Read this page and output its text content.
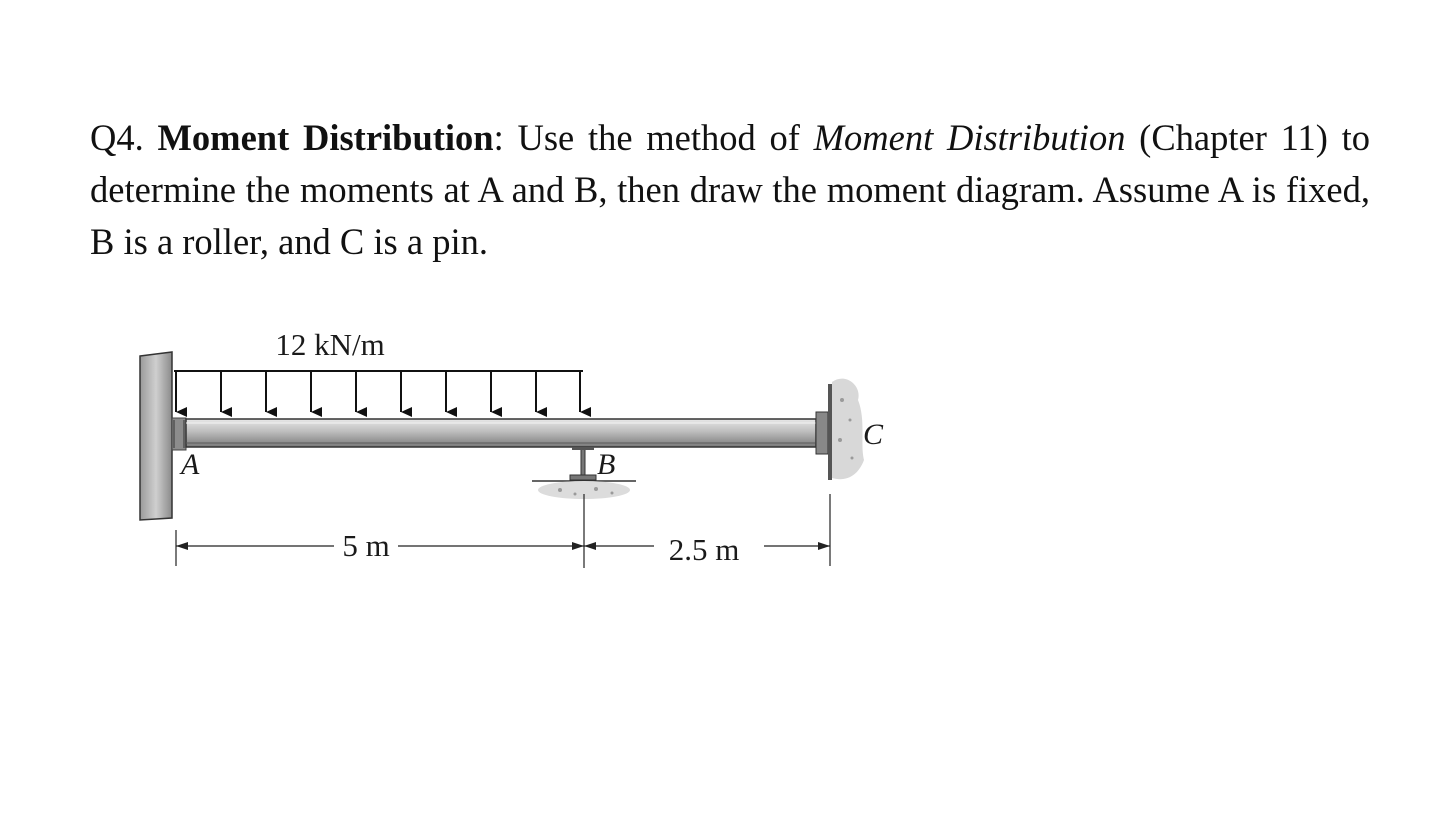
Q4. Moment Distribution: Use the method of Moment Distribution (Chapter 11) to determine the moments at A and B, then draw the moment diagram. Assume A is fixed, B is a roller, and C is a pin.
12 kN/m
A	B
C
5 m	2.5 m
